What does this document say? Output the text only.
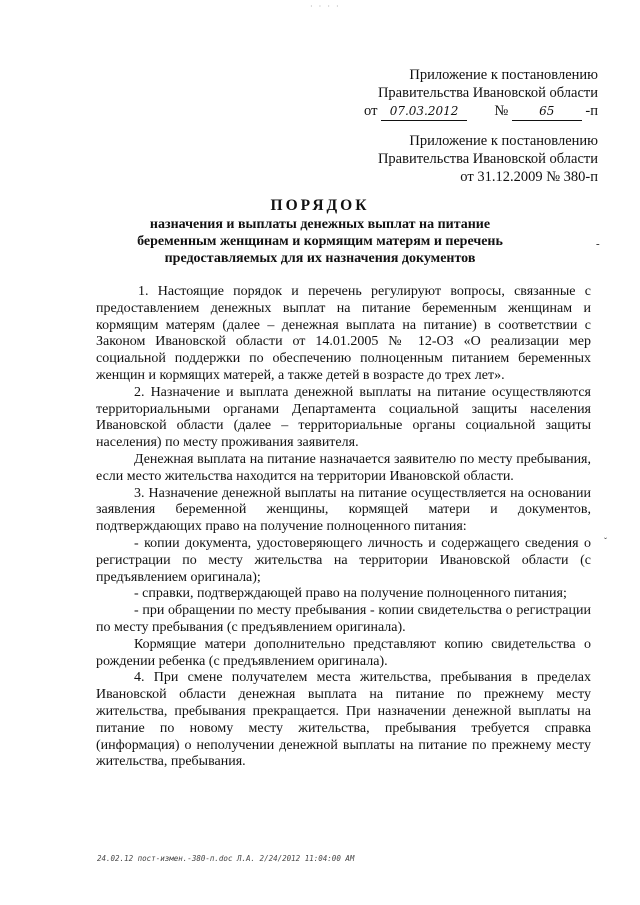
· · · ·
Приложение к постановлению
Правительства Ивановской области
от 07.03.2012 №	65 -п
Приложение к постановлению
Правительства Ивановской области
от 31.12.2009 № 380-п
ПОРЯДОК
назначения и выплаты денежных выплат на питание беременным женщинам и кормящим матерям и перечень предоставляемых для их назначения документов
-
ˇ

1. Настоящие порядок и перечень регулируют вопросы, связанные с предоставлением денежных выплат на питание беременным женщинам и кормящим матерям (далее – денежная выплата на питание) в соответствии с Законом Ивановской области от 14.01.2005 № 12-ОЗ «О реализации мер социальной поддержки по обеспечению полноценным питанием беременных женщин и кормящих матерей, а также детей в возрасте до трех лет».

2. Назначение и выплата денежной выплаты на питание осуществляются территориальными органами Департамента социальной защиты населения Ивановской области (далее – территориальные органы социальной защиты населения) по месту проживания заявителя.

Денежная выплата на питание назначается заявителю по месту пребывания, если место жительства находится на территории Ивановской области.

3. Назначение денежной выплаты на питание осуществляется на основании заявления беременной женщины, кормящей матери и документов, подтверждающих право на получение полноценного питания:

- копии документа, удостоверяющего личность и содержащего сведения о регистрации по месту жительства на территории Ивановской области (с предъявлением оригинала);

- справки, подтверждающей право на получение полноценного питания;

- при обращении по месту пребывания - копии свидетельства о регистрации по месту пребывания (с предъявлением оригинала).

Кормящие матери дополнительно представляют копию свидетельства о рождении ребенка (с предъявлением оригинала).

4. При смене получателем места жительства, пребывания в пределах Ивановской области денежная выплата на питание по прежнему месту жительства, пребывания прекращается. При назначении денежной выплаты на питание по новому месту жительства, пребывания требуется справка (информация) о неполучении денежной выплаты на питание по прежнему месту жительства, пребывания.

24.02.12 пост-измен.-380-п.doc Л.А. 2/24/2012 11:04:00 AM
